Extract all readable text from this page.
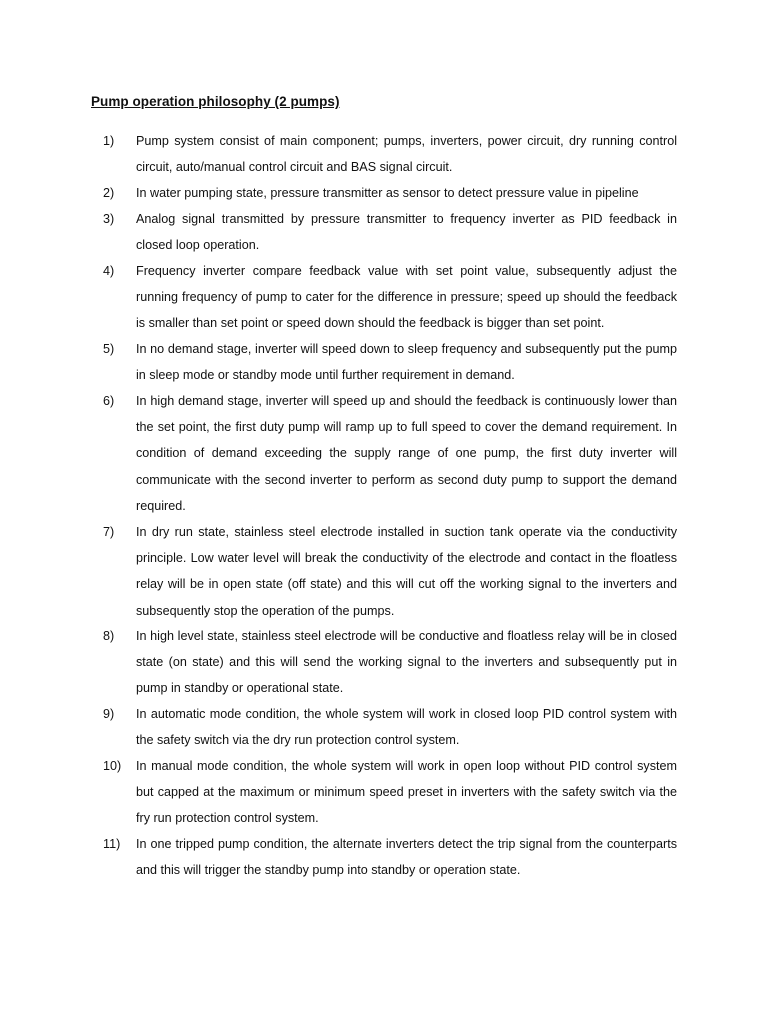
Pump operation philosophy (2 pumps)
1)	Pump system consist of main component; pumps, inverters, power circuit, dry running control circuit, auto/manual control circuit and BAS signal circuit.
2)	In water pumping state, pressure transmitter as sensor to detect pressure value in pipeline
3)	Analog signal transmitted by pressure transmitter to frequency inverter as PID feedback in closed loop operation.
4)	Frequency inverter compare feedback value with set point value, subsequently adjust the running frequency of pump to cater for the difference in pressure; speed up should the feedback is smaller than set point or speed down should the feedback is bigger than set point.
5)	In no demand stage, inverter will speed down to sleep frequency and subsequently put the pump in sleep mode or standby mode until further requirement in demand.
6)	In high demand stage, inverter will speed up and should the feedback is continuously lower than the set point, the first duty pump will ramp up to full speed to cover the demand requirement. In condition of demand exceeding the supply range of one pump, the first duty inverter will communicate with the second inverter to perform as second duty pump to support the demand required.
7)	In dry run state, stainless steel electrode installed in suction tank operate via the conductivity principle. Low water level will break the conductivity of the electrode and contact in the floatless relay will be in open state (off state) and this will cut off the working signal to the inverters and subsequently stop the operation of the pumps.
8)	In high level state, stainless steel electrode will be conductive and floatless relay will be in closed state (on state) and this will send the working signal to the inverters and subsequently put in pump in standby or operational state.
9)	In automatic mode condition, the whole system will work in closed loop PID control system with the safety switch via the dry run protection control system.
10)	In manual mode condition, the whole system will work in open loop without PID control system but capped at the maximum or minimum speed preset in inverters with the safety switch via the fry run protection control system.
11)	In one tripped pump condition, the alternate inverters detect the trip signal from the counterparts and this will trigger the standby pump into standby or operation state.
